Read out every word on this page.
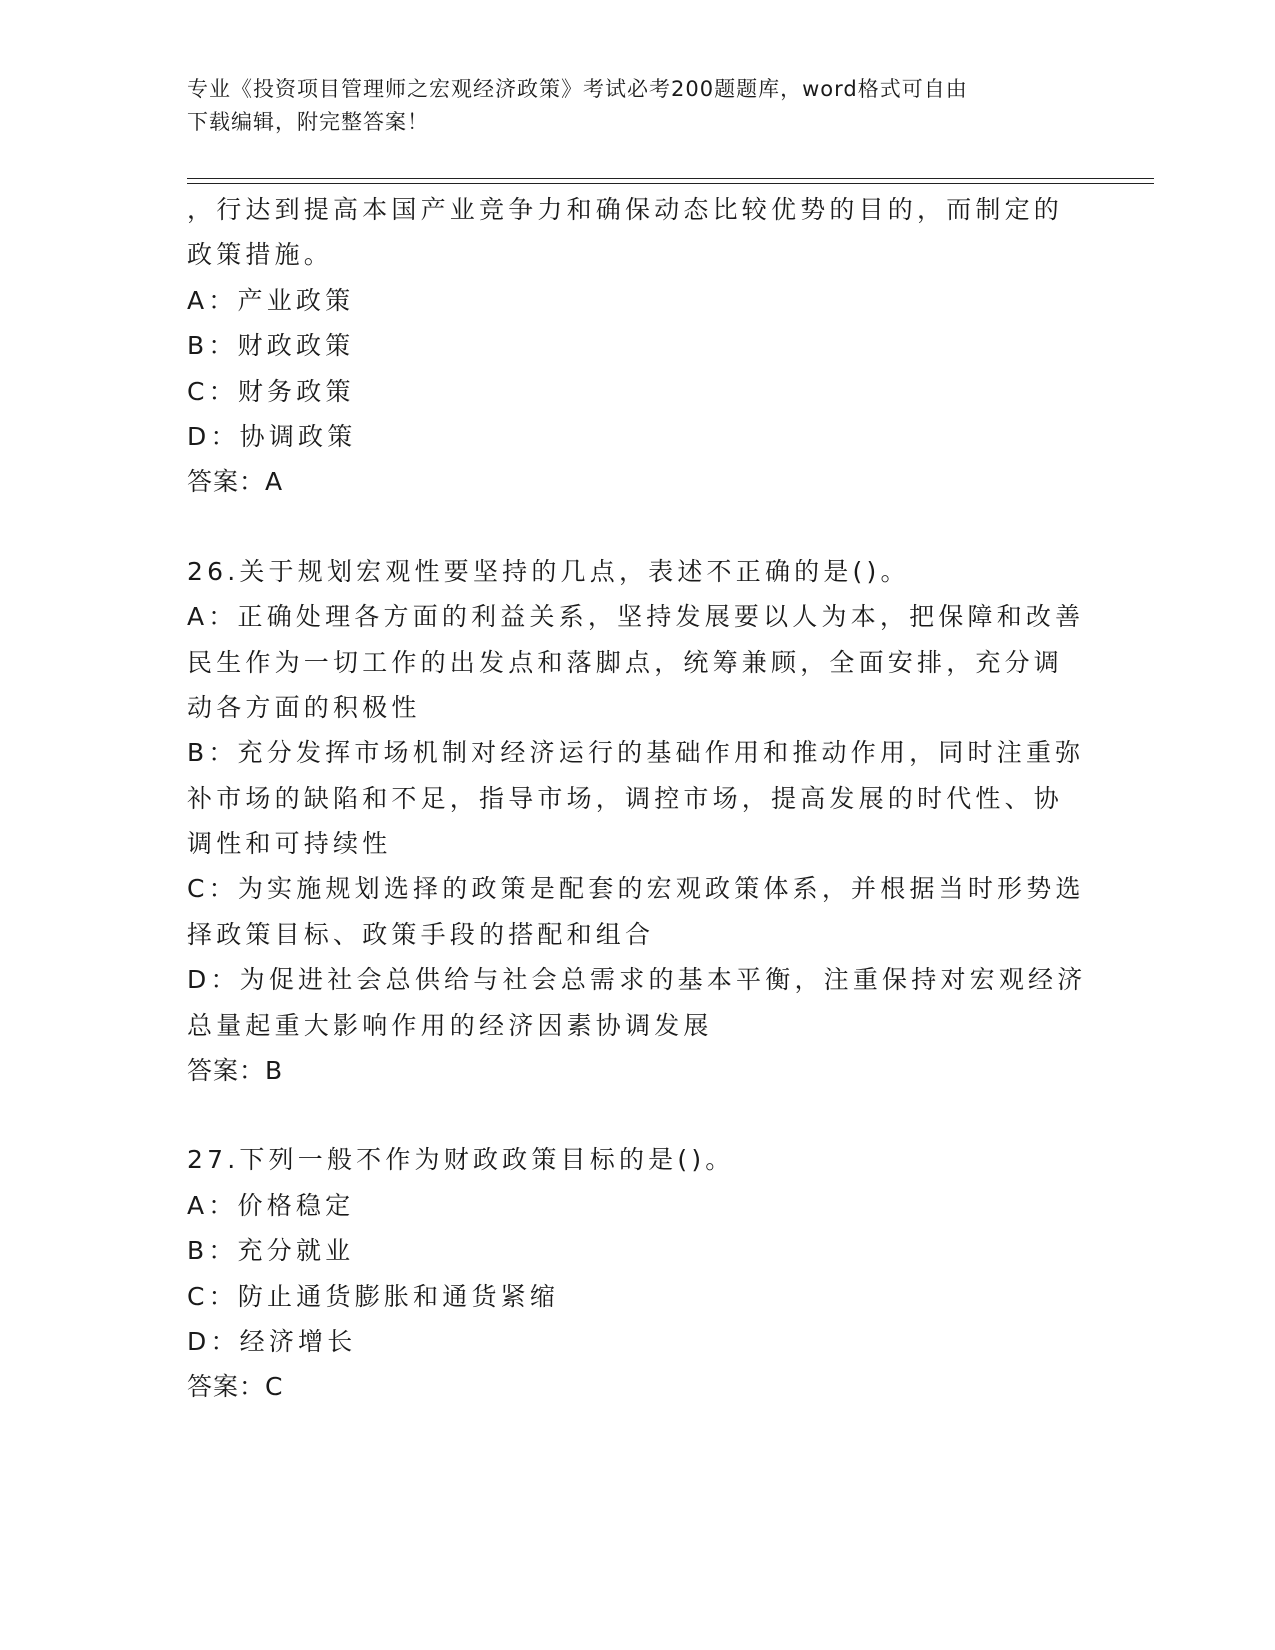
专业《投资项目管理师之宏观经济政策》考试必考200题题库，word格式可自由
下载编辑，附完整答案！
，行达到提高本国产业竞争力和确保动态比较优势的目的，而制定的
政策措施。
A：产业政策
B：财政政策
C：财务政策
D：协调政策
答案：A
26.关于规划宏观性要坚持的几点，表述不正确的是()。
A：正确处理各方面的利益关系，坚持发展要以人为本，把保障和改善
民生作为一切工作的出发点和落脚点，统筹兼顾，全面安排，充分调
动各方面的积极性
B：充分发挥市场机制对经济运行的基础作用和推动作用，同时注重弥
补市场的缺陷和不足，指导市场，调控市场，提高发展的时代性、协
调性和可持续性
C：为实施规划选择的政策是配套的宏观政策体系，并根据当时形势选
择政策目标、政策手段的搭配和组合
D：为促进社会总供给与社会总需求的基本平衡，注重保持对宏观经济
总量起重大影响作用的经济因素协调发展
答案：B
27.下列一般不作为财政政策目标的是()。
A：价格稳定
B：充分就业
C：防止通货膨胀和通货紧缩
D：经济增长
答案：C
